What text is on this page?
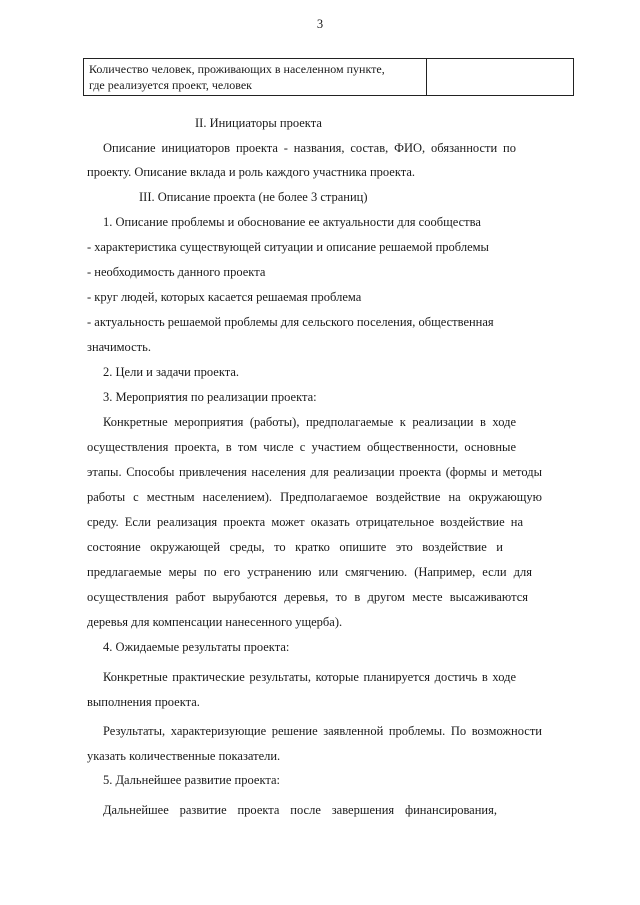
3
Количество человек, проживающих в населенном пункте,
где реализуется проект, человек
II. Инициаторы проекта
Описание инициаторов проекта - названия, состав, ФИО, обязанности по
проекту. Описание вклада и роль каждого участника проекта.
III. Описание проекта (не более 3 страниц)
1. Описание проблемы и обоснование ее актуальности для сообщества
- характеристика существующей ситуации и описание решаемой проблемы
- необходимость данного проекта
- круг людей, которых касается решаемая проблема
- актуальность решаемой проблемы для сельского поселения, общественная
значимость.
2. Цели и задачи проекта.
3. Мероприятия по реализации проекта:
Конкретные мероприятия (работы), предполагаемые к реализации в ходе
осуществления проекта, в том числе с участием общественности, основные
этапы. Способы привлечения населения для реализации проекта (формы и методы
работы с местным населением). Предполагаемое воздействие на окружающую
среду. Если реализация проекта может оказать отрицательное воздействие на
состояние окружающей среды, то кратко опишите это воздействие и
предлагаемые меры по его устранению или смягчению. (Например, если для
осуществления работ вырубаются деревья, то в другом месте высаживаются
деревья для компенсации нанесенного ущерба).
4. Ожидаемые результаты проекта:
Конкретные практические результаты, которые планируется достичь в ходе
выполнения проекта.
Результаты, характеризующие решение заявленной проблемы. По возможности
указать количественные показатели.
5. Дальнейшее развитие проекта:
Дальнейшее развитие проекта после завершения финансирования,
